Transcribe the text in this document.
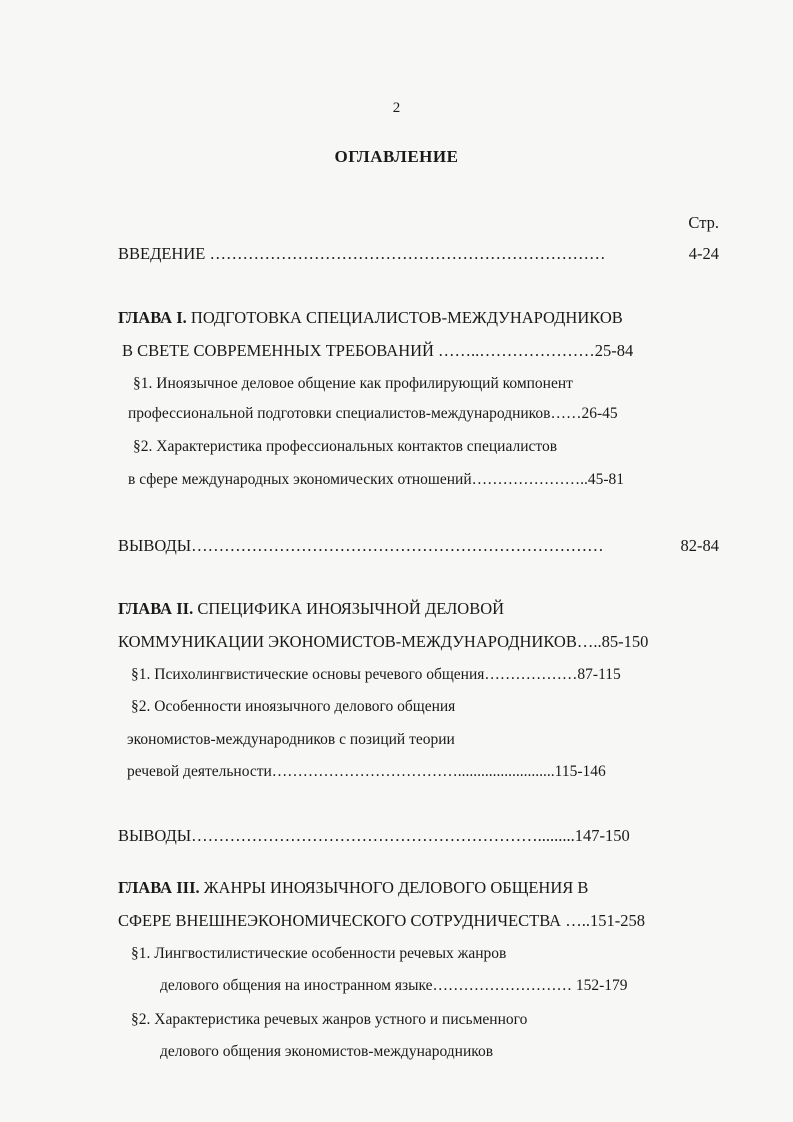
2
ОГЛАВЛЕНИЕ
Стр.
ВВЕДЕНИЕ ………………………………………………………………	4-24
ГЛАВА I. ПОДГОТОВКА СПЕЦИАЛИСТОВ-МЕЖДУНАРОДНИКОВ
В СВЕТЕ СОВРЕМЕННЫХ ТРЕБОВАНИЙ ……..…………………25-84
§1. Иноязычное деловое общение как профилирующий компонент
профессиональной подготовки специалистов-международников……26-45
§2. Характеристика профессиональных контактов специалистов
в сфере международных экономических отношений…………………..45-81
ВЫВОДЫ…………………………………………………………………	82-84
ГЛАВА II. СПЕЦИФИКА ИНОЯЗЫЧНОЙ ДЕЛОВОЙ
КОММУНИКАЦИИ ЭКОНОМИСТОВ-МЕЖДУНАРОДНИКОВ…..85-150
§1. Психолингвистические основы речевого общения………………87-115
§2. Особенности иноязычного делового общения
экономистов-международников с позиций теории
речевой деятельности……………………………….........................115-146
ВЫВОДЫ……………………………………………………….........147-150
ГЛАВА III. ЖАНРЫ ИНОЯЗЫЧНОГО ДЕЛОВОГО ОБЩЕНИЯ В
СФЕРЕ ВНЕШНЕЭКОНОМИЧЕСКОГО СОТРУДНИЧЕСТВА …..151-258
§1. Лингвостилистические особенности речевых жанров
делового общения на иностранном языке……………………… 152-179
§2. Характеристика речевых жанров устного и письменного
делового общения экономистов-международников
